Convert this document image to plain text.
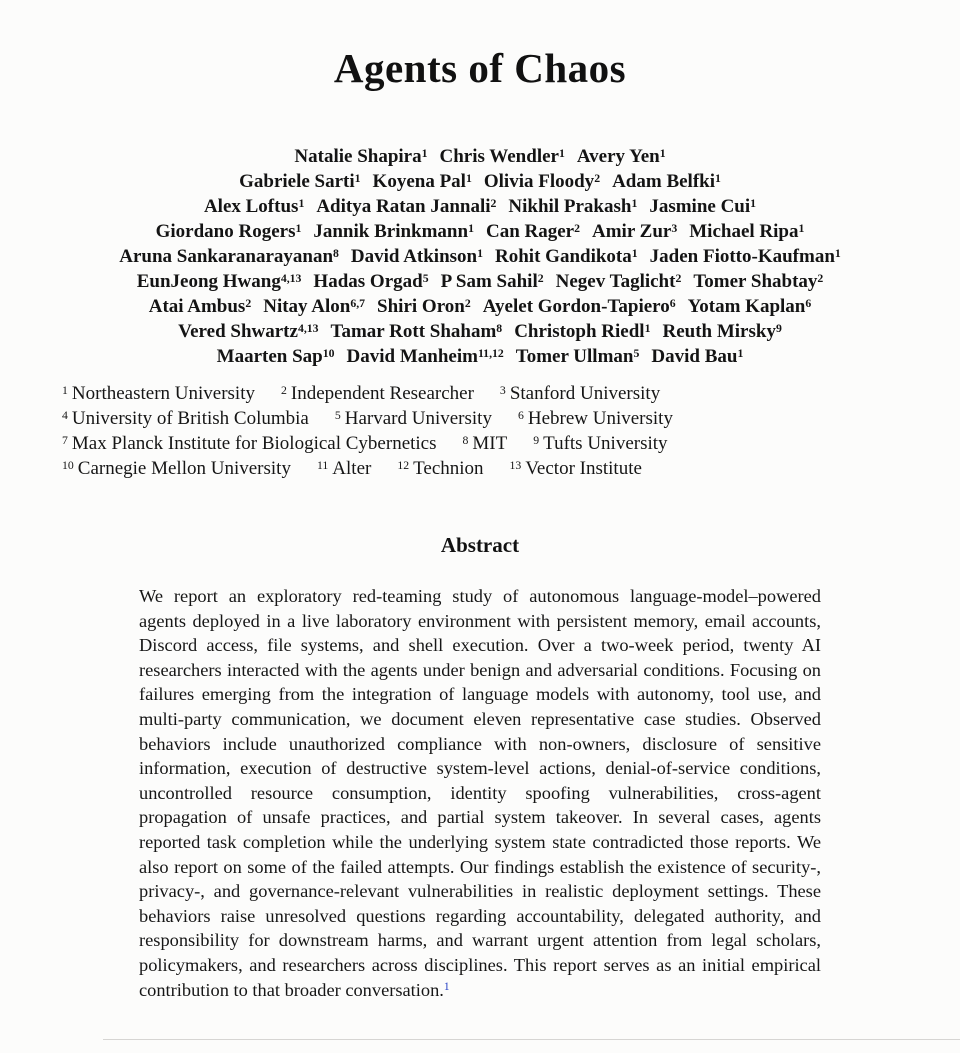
Agents of Chaos
Natalie Shapira$^1$ Chris Wendler$^1$ Avery Yen$^1$
Gabriele Sarti$^1$ Koyena Pal$^1$ Olivia Floody$^2$ Adam Belfki$^1$
Alex Loftus$^1$ Aditya Ratan Jannali$^2$ Nikhil Prakash$^1$ Jasmine Cui$^1$
Giordano Rogers$^1$ Jannik Brinkmann$^1$ Can Rager$^2$ Amir Zur$^3$ Michael Ripa$^1$
Aruna Sankaranarayanan$^8$ David Atkinson$^1$ Rohit Gandikota$^1$ Jaden Fiotto-Kaufman$^1$
EunJeong Hwang$^{4,13}$ Hadas Orgad$^5$ P Sam Sahil$^2$ Negev Taglicht$^2$ Tomer Shabtay$^2$
Atai Ambus$^2$ Nitay Alon$^{6,7}$ Shiri Oron$^2$ Ayelet Gordon-Tapiero$^6$ Yotam Kaplan$^6$
Vered Shwartz$^{4,13}$ Tamar Rott Shaham$^8$ Christoph Riedl$^1$ Reuth Mirsky$^9$
Maarten Sap$^{10}$ David Manheim$^{11,12}$ Tomer Ullman$^5$ David Bau$^1$
$^1$ Northeastern University $^2$ Independent Researcher $^3$ Stanford University
$^4$ University of British Columbia $^5$ Harvard University $^6$ Hebrew University
$^7$ Max Planck Institute for Biological Cybernetics $^8$ MIT $^9$ Tufts University
$^{10}$ Carnegie Mellon University $^{11}$ Alter $^{12}$ Technion $^{13}$ Vector Institute
Abstract

We report an exploratory red-teaming study of autonomous language-model–powered agents deployed in a live laboratory environment with persistent memory, email accounts, Discord access, file systems, and shell execution. Over a two-week period, twenty AI researchers interacted with the agents under benign and adversarial conditions. Focusing on failures emerging from the integration of language models with autonomy, tool use, and multi-party communication, we document eleven representative case studies. Observed behaviors include unauthorized compliance with non-owners, disclosure of sensitive information, execution of destructive system-level actions, denial-of-service conditions, uncontrolled resource consumption, identity spoofing vulnerabilities, cross-agent propagation of unsafe practices, and partial system takeover. In several cases, agents reported task completion while the underlying system state contradicted those reports. We also report on some of the failed attempts. Our findings establish the existence of security-, privacy-, and governance-relevant vulnerabilities in realistic deployment settings. These behaviors raise unresolved questions regarding accountability, delegated authority, and responsibility for downstream harms, and warrant urgent attention from legal scholars, policymakers, and researchers across disciplines. This report serves as an initial empirical contribution to that broader conversation.$^1$
